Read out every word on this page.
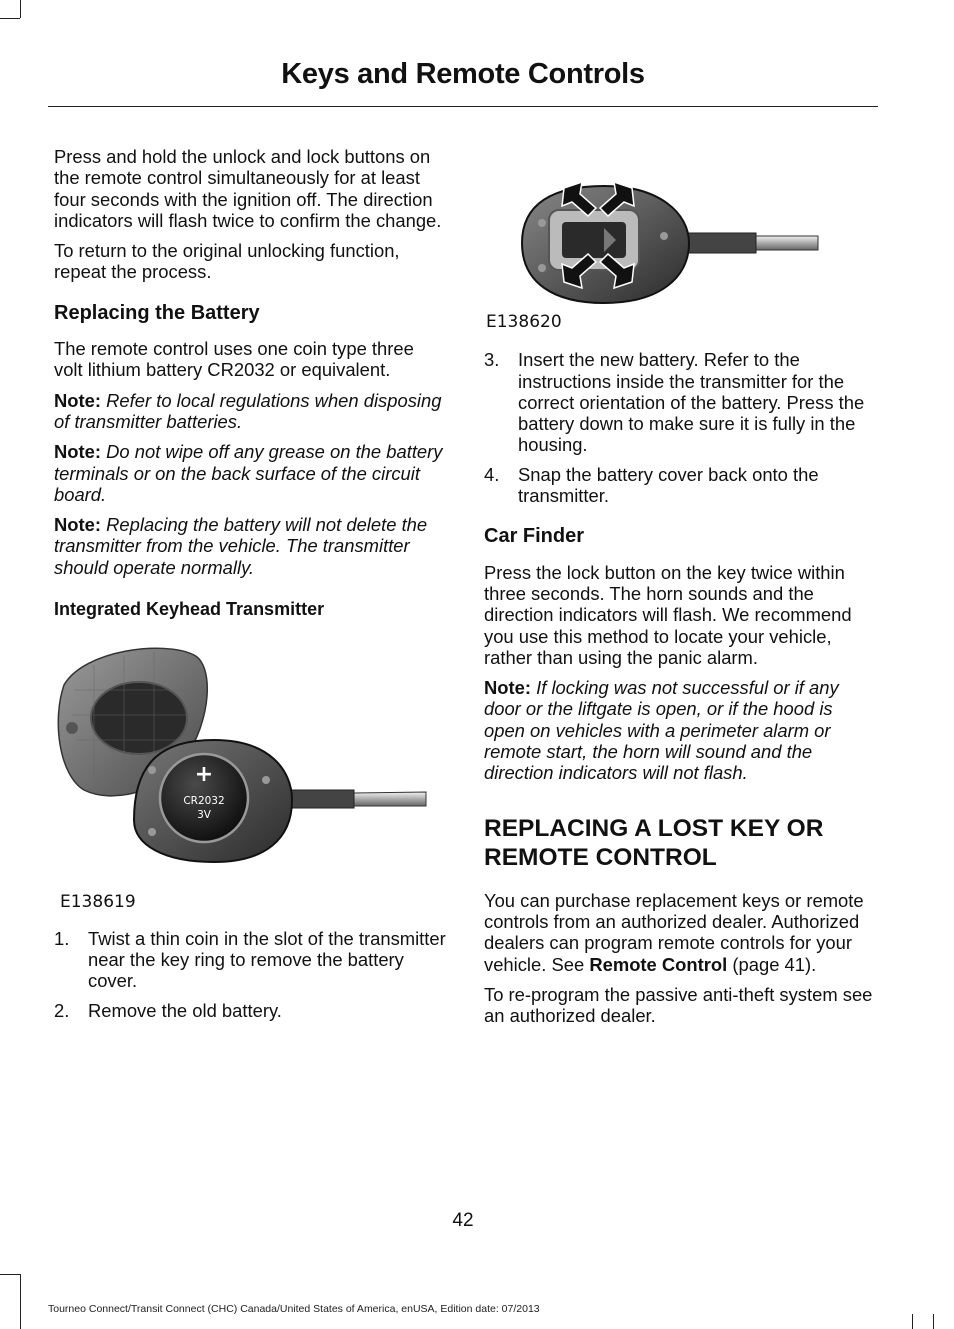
Keys and Remote Controls

Press and hold the unlock and lock buttons on the remote control simultaneously for at least four seconds with the ignition off. The direction indicators will flash twice to confirm the change.

To return to the original unlocking function, repeat the process.

Replacing the Battery

The remote control uses one coin type three volt lithium battery CR2032 or equivalent.

Note: Refer to local regulations when disposing of transmitter batteries.

Note: Do not wipe off any grease on the battery terminals or on the back surface of the circuit board.

Note: Replacing the battery will not delete the transmitter from the vehicle. The transmitter should operate normally.

Integrated Keyhead Transmitter
+
CR2032
3V
E138619
1.	Twist a thin coin in the slot of the transmitter near the key ring to remove the battery cover.
2.	Remove the old battery.
E138620
3.	Insert the new battery. Refer to the instructions inside the transmitter for the correct orientation of the battery. Press the battery down to make sure it is fully in the housing.
4.	Snap the battery cover back onto the transmitter.
Car Finder

Press the lock button on the key twice within three seconds. The horn sounds and the direction indicators will flash. We recommend you use this method to locate your vehicle, rather than using the panic alarm.

Note: If locking was not successful or if any door or the liftgate is open, or if the hood is open on vehicles with a perimeter alarm or remote start, the horn will sound and the direction indicators will not flash.

REPLACING A LOST KEY OR REMOTE CONTROL

You can purchase replacement keys or remote controls from an authorized dealer. Authorized dealers can program remote controls for your vehicle. See Remote Control (page 41).

To re-program the passive anti-theft system see an authorized dealer.

42
Tourneo Connect/Transit Connect (CHC) Canada/United States of America, enUSA, Edition date: 07/2013
